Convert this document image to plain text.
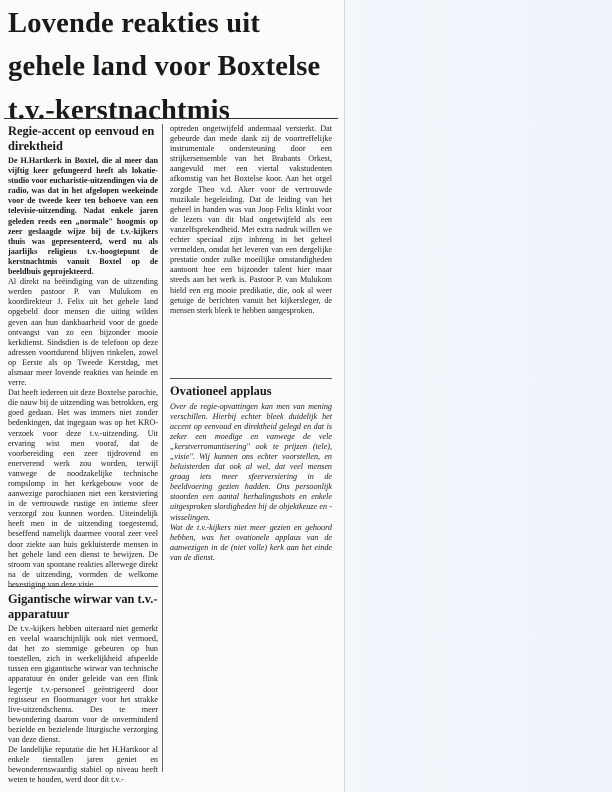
Lovende reakties uit
gehele land voor Boxtelse
t.v.-kerstnachtmis
Regie-accent op eenvoud en direktheid

De H.Hartkerk in Boxtel, die al meer dan vijftig keer gefungeerd heeft als lokatie-studio voor eucharistie-uitzendingen via de radio, was dat in het afgelopen weekeinde voor de tweede keer ten behoeve van een televisie-uitzending. Nadat enkele jaren geleden reeds een „normale" hoogmis op zeer geslaagde wijze bij de t.v.-kijkers thuis was gepresenteerd, werd nu als jaarlijks religieus t.v.-hoogtepunt de kerstnachtmis vanuit Boxtel op de beeldbuis geprojekteerd.

Al direkt na beëindiging van de uitzending werden pastoor P. van Mulukom en koordirekteur J. Felix uit het gehele land opgebeld door mensen die uiting wilden geven aan hun dankbaarheid voor de goede ontvangst van zo een bijzonder mooie kerkdienst. Sindsdien is de telefoon op deze adressen voortdurend blijven rinkelen, zowel op Eerste als op Tweede Kerstdag, met alsmaar meer lovende reakties van heinde en verre.

Dat heeft iedereen uit deze Boxtelse parochie, die nauw bij de uitzending was betrokken, erg goed gedaan. Het was immers niet zonder bedenkingen, dat ingegaan was op het KRO-verzoek voor deze t.v.-uitzending. Uit ervaring wist men vooraf, dat de voorbereiding een zeer tijdrovend en enerverend werk zou worden, terwijl vanwege de noodzakelijke technische rompslomp in het kerkgebouw voor de aanwezige parochianen niet een kerstviering in de vertrouwde rustige en intieme sfeer verzorgd zou kunnen worden. Uiteindelijk heeft men in de uitzending toegestemd, beseffend namelijk daarmee vooral zeer veel door ziekte aan huis gekluisterde mensen in het gehele land een dienst te bewijzen. De stroom van spontane reakties allerwege direkt na de uitzending, vormden de welkome bevestiging van deze visie.

Gigantische wirwar van t.v.-apparatuur

De t.v.-kijkers hebben uiteraard niet gemerkt en veelal waarschijnlijk ook niet vermoed, dat het zo stemmige gebeuren op hun toestellen, zich in werkelijkheid afspeelde tussen een gigantische wirwar van technische apparatuur én onder geleide van een flink legertje t.v.-personeel geëntrigeerd door regisseur en floormanager voor het strakke live-uitzendschema. Des te meer bewondering daarom voor de onverminderd bezielde en bezielende liturgische verzorging van deze dienst.

De landelijke reputatie die het H.Hartkoor al enkele tientallen jaren geniet en bewonderenswaardig stabiel op niveau heeft weten te houden, werd door dit t.v.-

optreden ongetwijfeld andermaal versterkt. Dat gebeurde dan mede dank zij de voortreffelijke instrumentale ondersteuning door een strijkersensemble van het Brabants Orkest, aangevuld met een viertal vakstudenten afkomstig van het Boxtelse koor. Aan het orgel zorgde Theo v.d. Aker voor de vertrouwde muzikale begeleiding. Dat de leiding van het geheel in handen was van Joop Felix klinkt voor de lezers van dit blad ongetwijfeld als een vanzelfsprekendheid. Met extra nadruk willen we echter speciaal zijn inbreng in het geheel vermelden, omdat het leveren van een dergelijke prestatie onder zulke moeilijke omstandigheden aantoont hoe een bijzonder talent hier maar steeds aan het werk is. Pastoor P. van Mulukom hield een erg mooie predikatie, die, ook al weer getuige de berichten vanuit het kijkersleger, de mensen sterk bleek te hebben aangesproken.

Ovationeel applaus

Over de regie-opvattingen kan men van mening verschillen. Hierbij echter bleek duidelijk het accent op eenvoud en direktheid gelegd en dat is zeker een moedige en vanwege de vele „kerstverromantisering" ook te prijzen (tele),„visie". Wij kunnen ons echter voorstellen, en beluisterden dat ook al wel, dat veel mensen graag iets meer sfeerversiering in de beeldvoering gezien hadden. Ons persoonlijk stoorden een aantal herhalingsshots en enkele uitgesproken slordigheden bij de objektkeuze en -wisselingen.

Wat de t.v.-kijkers niet meer gezien en gehoord hebben, was het ovationele applaus van de aanwezigen in de (niet volle) kerk aan het einde van de dienst.
